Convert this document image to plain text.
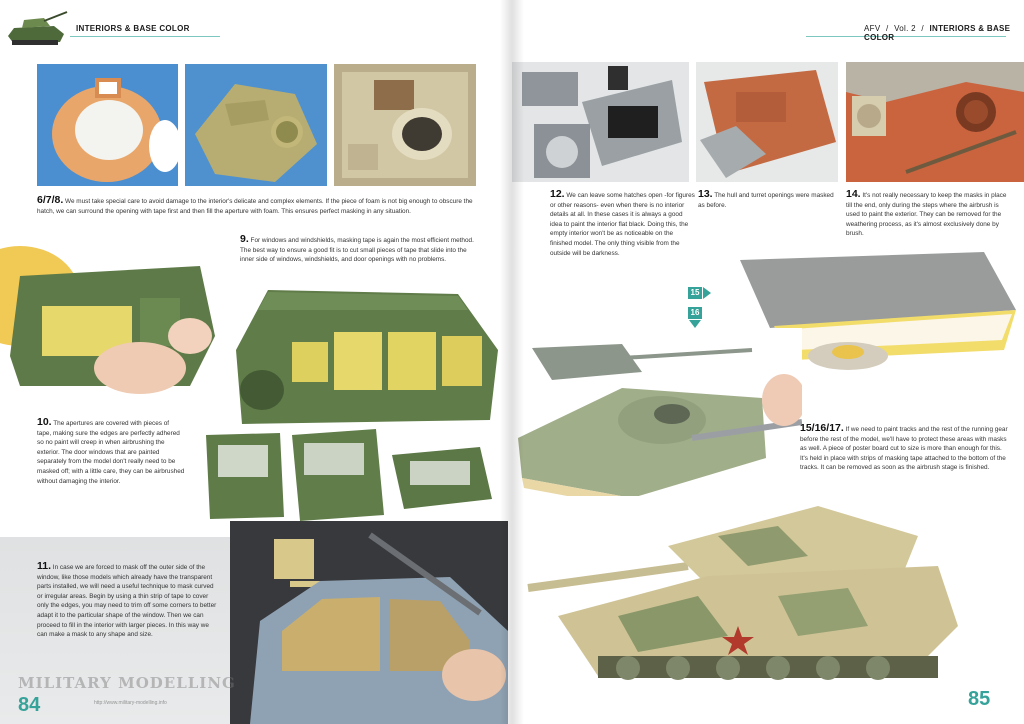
INTERIORS & BASE COLOR
6/7/8. We must take special care to avoid damage to the interior's delicate and complex elements. If the piece of foam is not big enough to obscure the hatch, we can surround the opening with tape first and then fill the aperture with foam. This ensures perfect masking in any situation.
9. For windows and windshields, masking tape is again the most efficient method. The best way to ensure a good fit is to cut small pieces of tape that slide into the inner side of windows, windshields, and door openings with no problems.
10. The apertures are covered with pieces of tape, making sure the edges are perfectly adhered so no paint will creep in when airbrushing the exterior. The door windows that are painted separately from the model don't really need to be masked off; with a little care, they can be airbrushed without damaging the interior.
11. In case we are forced to mask off the outer side of the window, like those models which already have the transparent parts installed, we will need a useful technique to mask curved or irregular areas. Begin by using a thin strip of tape to cover only the edges, you may need to trim off some corners to better adapt it to the particular shape of the window. Then we can proceed to fill in the interior with larger pieces. In this way we can make a mask to any shape and size.
MILITARY MODELLING
http://www.military-modelling.info
84
AFV / Vol. 2 / INTERIORS & BASE COLOR
12. We can leave some hatches open -for figures or other reasons- even when there is no interior details at all. In these cases it is always a good idea to paint the interior flat black. Doing this, the empty interior won't be as noticeable on the finished model. The only thing visible from the outside will be darkness.
13. The hull and turret openings were masked as before.
14. It's not really necessary to keep the masks in place till the end, only during the steps where the airbrush is used to paint the exterior. They can be removed for the weathering process, as it's almost exclusively done by brush.
15
16
15/16/17. If we need to paint tracks and the rest of the running gear before the rest of the model, we'll have to protect these areas with masks as well. A piece of poster board cut to size is more than enough for this. It's held in place with strips of masking tape attached to the bottom of the tracks. It can be removed as soon as the airbrush stage is finished.
85
